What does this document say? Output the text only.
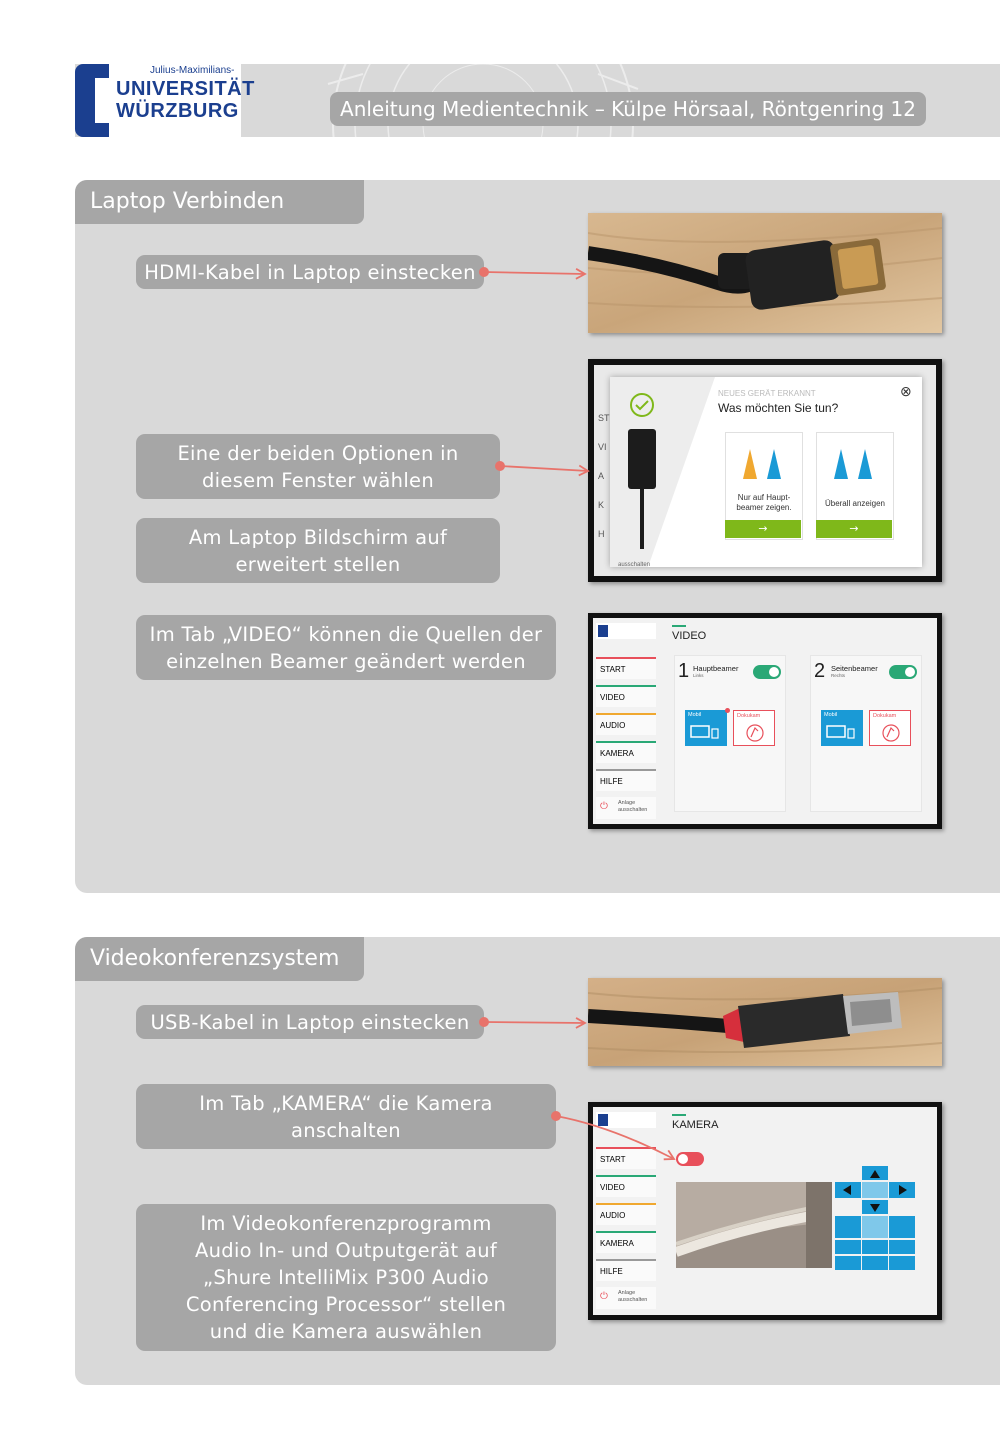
Julius-Maximilians-
UNIVERSITÄT
WÜRZBURG	Anleitung Medientechnik – Külpe Hörsaal, Röntgenring 12
Laptop Verbinden
HDMI-Kabel in Laptop einstecken
Eine der beiden Optionen in
diesem Fenster wählen
Am Laptop Bildschirm auf
erweitert stellen
Im Tab „VIDEO“ können die Quellen der
einzelnen Beamer geändert werden
ST
VI
A
K
H
NEUES GERÄT ERKANNT
Was möchten Sie tun?
⊗
Nur auf Haupt-
beamer zeigen.
→
Überall anzeigen
→
ausschalten
VIDEO
START
VIDEO
AUDIO
KAMERA
HILFE
⏻ Anlage
ausschalten
1 Hauptbeamer
Links
Mobil	Dokukam
2 Seitenbeamer
Rechts
Mobil	Dokukam
Videokonferenzsystem
USB-Kabel in Laptop einstecken
Im Tab „KAMERA“ die Kamera
anschalten
Im Videokonferenzprogramm
Audio In- und Outputgerät auf
„Shure IntelliMix P300 Audio
Conferencing Processor“ stellen
und die Kamera auswählen
KAMERA
START
VIDEO
AUDIO
KAMERA
HILFE
⏻ Anlage
ausschalten
